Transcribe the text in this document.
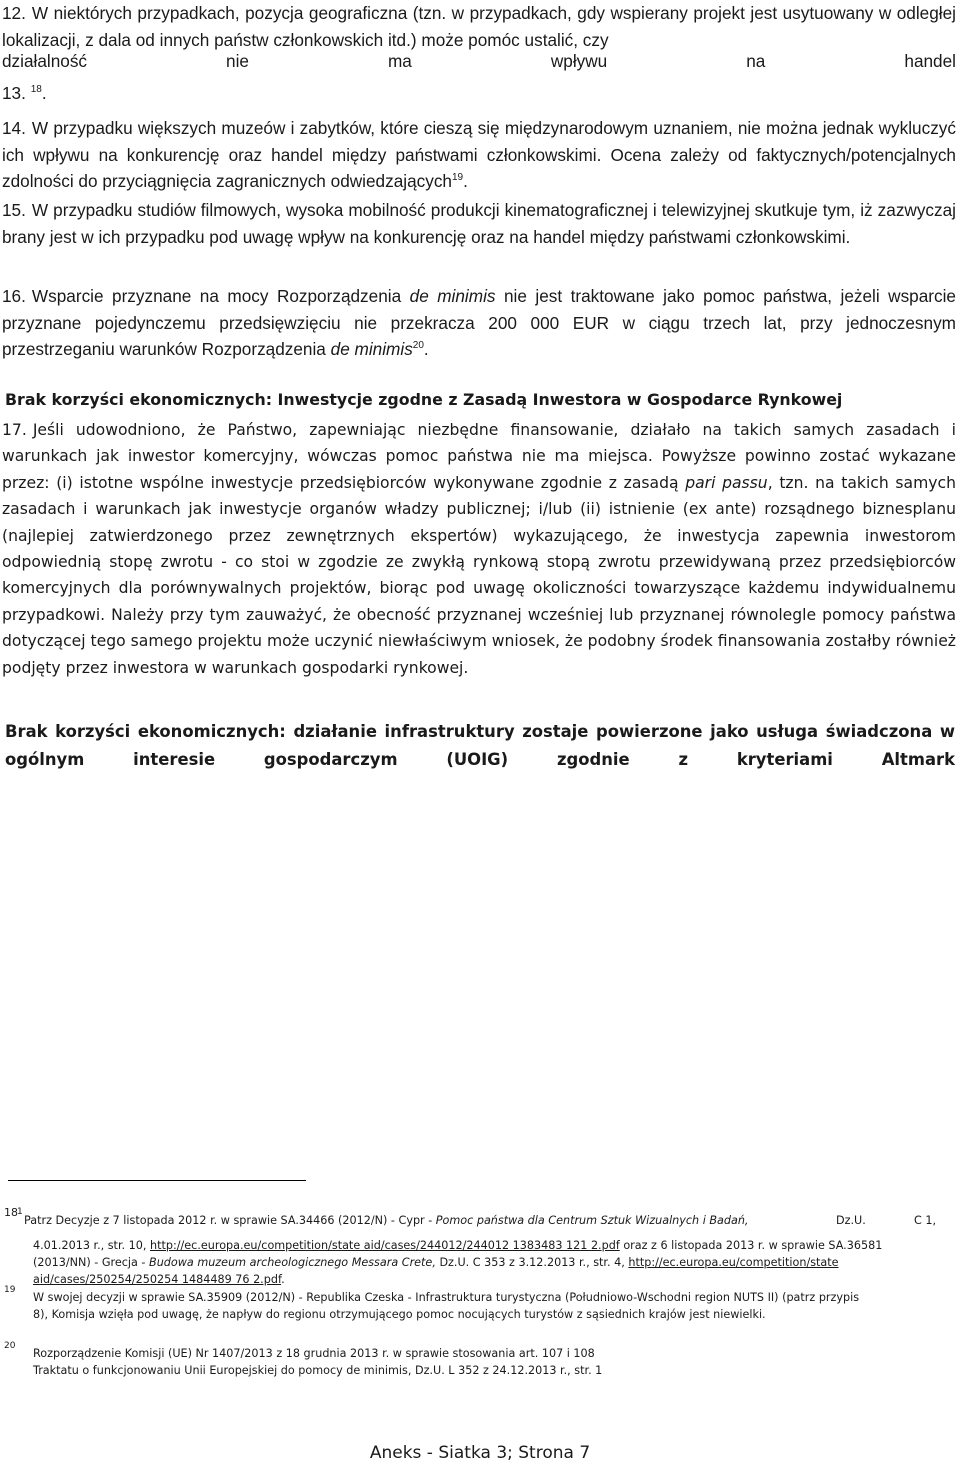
12. W niektórych przypadkach, pozycja geograficzna (tzn. w przypadkach, gdy wspierany projekt jest usytuowany w odległej lokalizacji, z dala od innych państw członkowskich itd.) może pomóc ustalić, czy
działalność nie ma wpływu na handel
13. $^{18}$.
14. W przypadku większych muzeów i zabytków, które cieszą się międzynarodowym uznaniem, nie można jednak wykluczyć ich wpływu na konkurencję oraz handel między państwami członkowskimi. Ocena zależy od faktycznych/potencjalnych zdolności do przyciągnięcia zagranicznych odwiedzających$^{19}$.
15. W przypadku studiów filmowych, wysoka mobilność produkcji kinematograficznej i telewizyjnej skutkuje tym, iż zazwyczaj brany jest w ich przypadku pod uwagę wpływ na konkurencję oraz na handel między państwami członkowskimi.
16. Wsparcie przyznane na mocy Rozporządzenia de minimis nie jest traktowane jako pomoc państwa, jeżeli wsparcie przyznane pojedynczemu przedsięwzięciu nie przekracza 200 000 EUR w ciągu trzech lat, przy jednoczesnym przestrzeganiu warunków Rozporządzenia de minimis$^{20}$.
Brak korzyści ekonomicznych: Inwestycje zgodne z Zasadą Inwestora w Gospodarce Rynkowej
17. Jeśli udowodniono, że Państwo, zapewniając niezbędne finansowanie, działało na takich samych zasadach i warunkach jak inwestor komercyjny, wówczas pomoc państwa nie ma miejsca. Powyższe powinno zostać wykazane przez: (i) istotne wspólne inwestycje przedsiębiorców wykonywane zgodnie z zasadą pari passu, tzn. na takich samych zasadach i warunkach jak inwestycje organów władzy publicznej; i/lub (ii) istnienie (ex ante) rozsądnego biznesplanu (najlepiej zatwierdzonego przez zewnętrznych ekspertów) wykazującego, że inwestycja zapewnia inwestorom odpowiednią stopę zwrotu - co stoi w zgodzie ze zwykłą rynkową stopą zwrotu przewidywaną przez przedsiębiorców komercyjnych dla porównywalnych projektów, biorąc pod uwagę okoliczności towarzyszące każdemu indywidualnemu przypadkowi. Należy przy tym zauważyć, że obecność przyznanej wcześniej lub przyznanej równolegle pomocy państwa dotyczącej tego samego projektu może uczynić niewłaściwym wniosek, że podobny środek finansowania zostałby również podjęty przez inwestora w warunkach gospodarki rynkowej.
Brak korzyści ekonomicznych: działanie infrastruktury zostaje powierzone jako usługa świadczona w ogólnym interesie gospodarczym (UOIG) zgodnie z kryteriami Altmark
18 1
Patrz Decyzje z 7 listopada 2012 r. w sprawie SA.34466 (2012/N) - Cypr - Pomoc państwa dla Centrum Sztuk Wizualnych i Badań,	Dz.U.	C 1,
4.01.2013 r., str. 10, http://ec.europa.eu/competition/state aid/cases/244012/244012 1383483 121 2.pdf oraz z 6 listopada 2013 r. w sprawie SA.36581
(2013/NN) - Grecja - Budowa muzeum archeologicznego Messara Crete, Dz.U. C 353 z 3.12.2013 r., str. 4, http://ec.europa.eu/competition/state
aid/cases/250254/250254 1484489 76 2.pdf.
19
W swojej decyzji w sprawie SA.35909 (2012/N) - Republika Czeska - Infrastruktura turystyczna (Południowo-Wschodni region NUTS II) (patrz przypis 8), Komisja wzięła pod uwagę, że napływ do regionu otrzymującego pomoc nocujących turystów z sąsiednich krajów jest niewielki.
20
Rozporządzenie Komisji (UE) Nr 1407/2013 z 18 grudnia 2013 r. w sprawie stosowania art. 107 i 108
Traktatu o funkcjonowaniu Unii Europejskiej do pomocy de minimis, Dz.U. L 352 z 24.12.2013 r., str. 1
Aneks - Siatka 3; Strona 7
